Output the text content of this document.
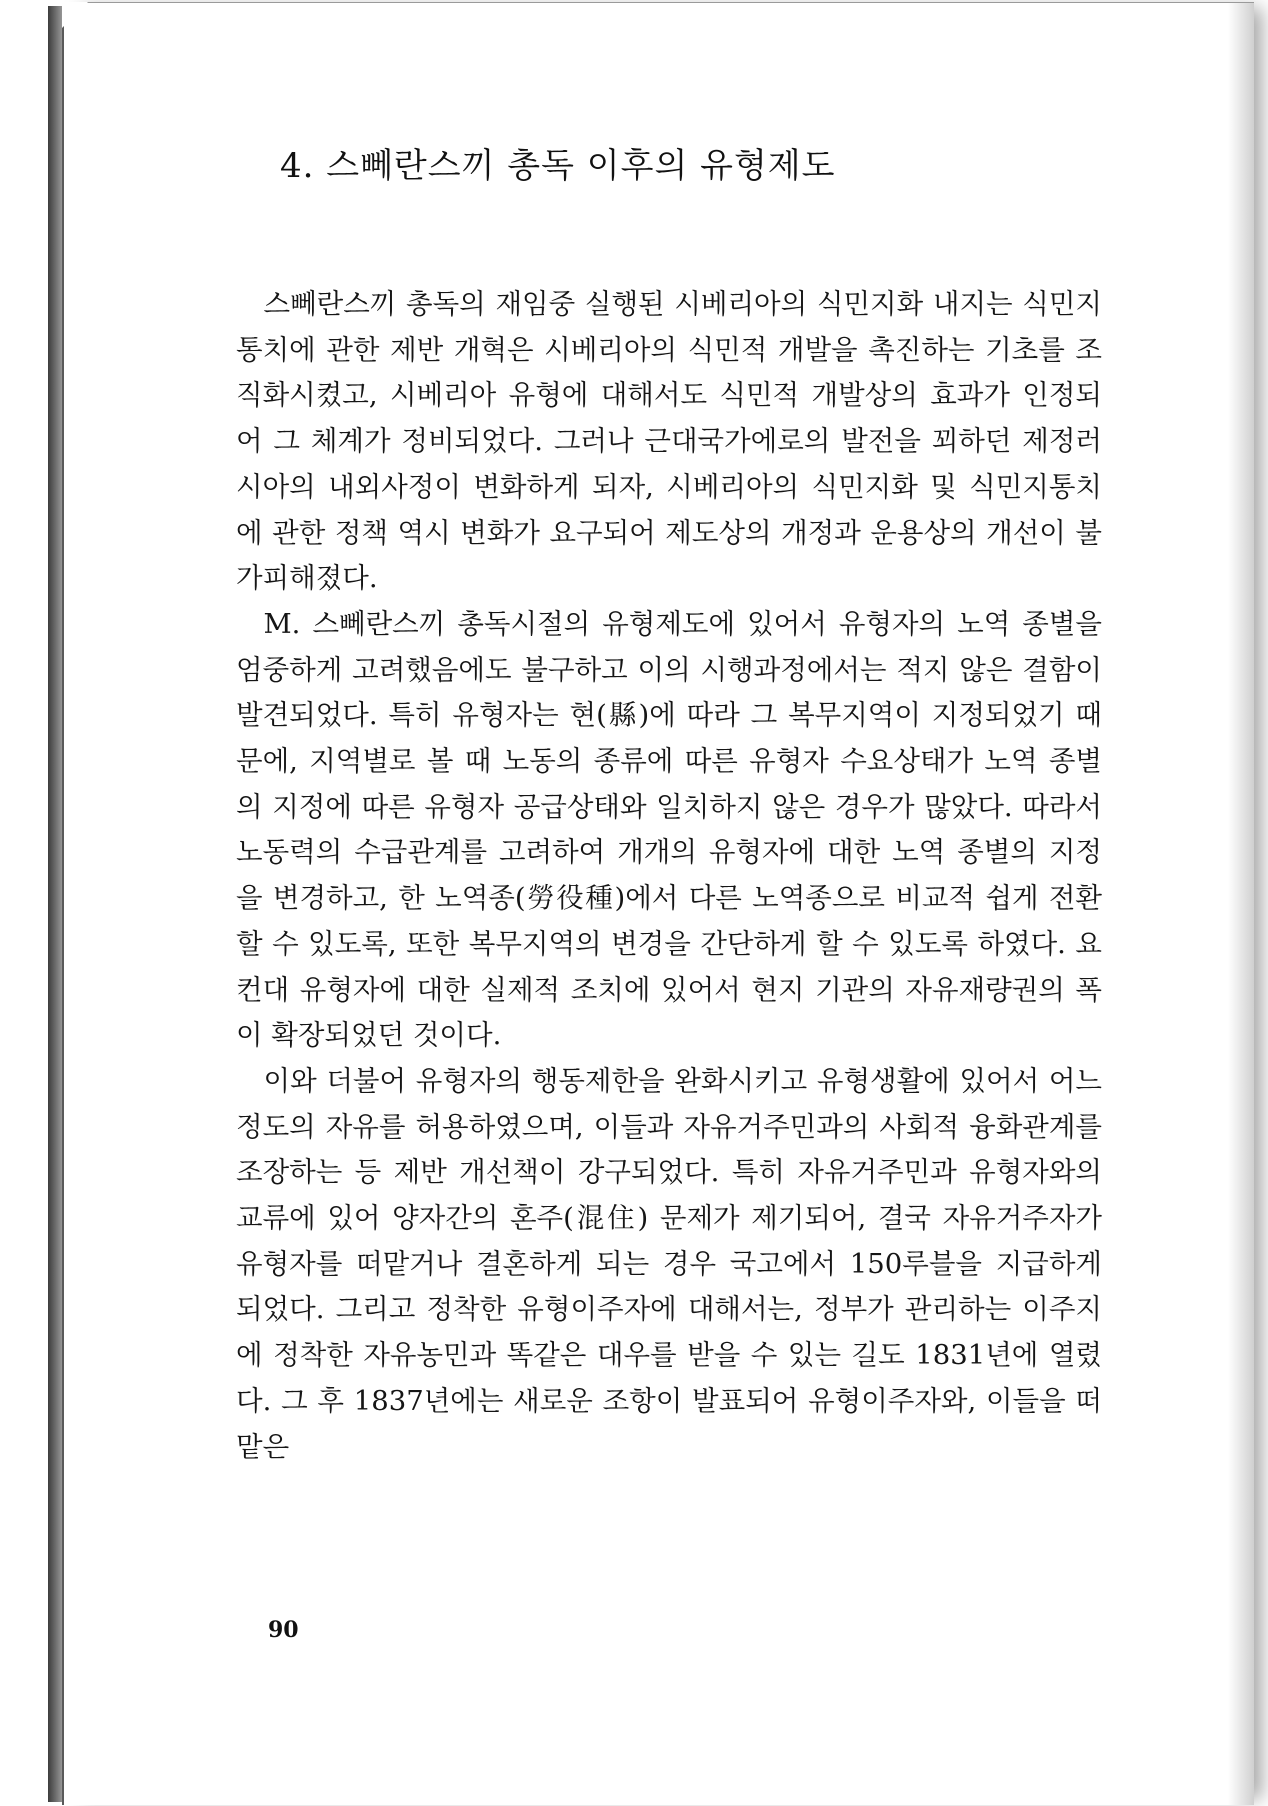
4. 스뻬란스끼 총독 이후의 유형제도

스뻬란스끼 총독의 재임중 실행된 시베리아의 식민지화 내지는 식민지 통치에 관한 제반 개혁은 시베리아의 식민적 개발을 촉진하는 기초를 조직화시켰고, 시베리아 유형에 대해서도 식민적 개발상의 효과가 인정되어 그 체계가 정비되었다. 그러나 근대국가에로의 발전을 꾀하던 제정러시아의 내외사정이 변화하게 되자, 시베리아의 식민지화 및 식민지통치에 관한 정책 역시 변화가 요구되어 제도상의 개정과 운용상의 개선이 불가피해졌다.

M. 스뻬란스끼 총독시절의 유형제도에 있어서 유형자의 노역 종별을 엄중하게 고려했음에도 불구하고 이의 시행과정에서는 적지 않은 결함이 발견되었다. 특히 유형자는 현(縣)에 따라 그 복무지역이 지정되었기 때문에, 지역별로 볼 때 노동의 종류에 따른 유형자 수요상태가 노역 종별의 지정에 따른 유형자 공급상태와 일치하지 않은 경우가 많았다. 따라서 노동력의 수급관계를 고려하여 개개의 유형자에 대한 노역 종별의 지정을 변경하고, 한 노역종(勞役種)에서 다른 노역종으로 비교적 쉽게 전환할 수 있도록, 또한 복무지역의 변경을 간단하게 할 수 있도록 하였다. 요컨대 유형자에 대한 실제적 조치에 있어서 현지 기관의 자유재량권의 폭이 확장되었던 것이다.

이와 더불어 유형자의 행동제한을 완화시키고 유형생활에 있어서 어느 정도의 자유를 허용하였으며, 이들과 자유거주민과의 사회적 융화관계를 조장하는 등 제반 개선책이 강구되었다. 특히 자유거주민과 유형자와의 교류에 있어 양자간의 혼주(混住) 문제가 제기되어, 결국 자유거주자가 유형자를 떠맡거나 결혼하게 되는 경우 국고에서 150루블을 지급하게 되었다. 그리고 정착한 유형이주자에 대해서는, 정부가 관리하는 이주지에 정착한 자유농민과 똑같은 대우를 받을 수 있는 길도 1831년에 열렸다. 그 후 1837년에는 새로운 조항이 발표되어 유형이주자와, 이들을 떠맡은

90
